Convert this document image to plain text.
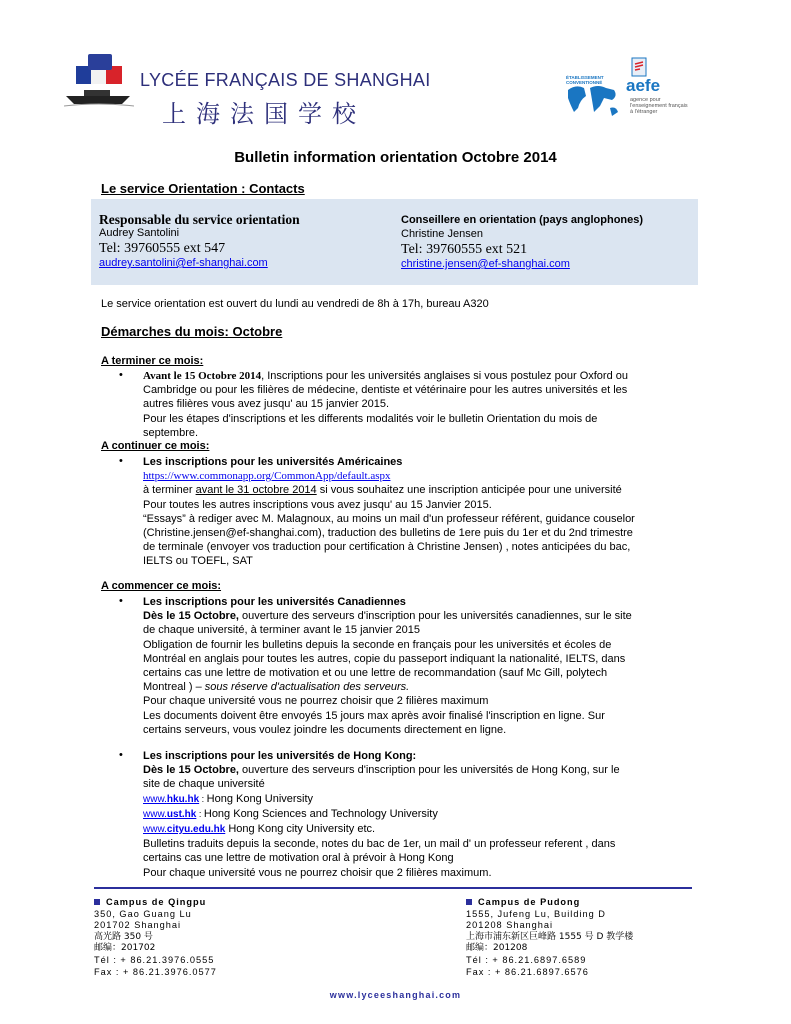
LYCÉE FRANÇAIS DE SHANGHAI
上海法国学校
ÉTABLISSEMENT CONVENTIONNÉ	aefe
agence pour l'enseignement français à l'étranger
Bulletin information orientation Octobre 2014
Le service Orientation : Contacts
Responsable du service orientation
Audrey Santolini
Tel: 39760555 ext 547
audrey.santolini@ef-shanghai.com
Conseillere en orientation (pays anglophones)
Christine Jensen
Tel: 39760555 ext 521
christine.jensen@ef-shanghai.com
Le service orientation est ouvert du lundi au vendredi de 8h à 17h, bureau A320
Démarches du mois: Octobre
A terminer ce mois:
• Avant le 15 Octobre 2014, Inscriptions pour les universités anglaises si vous postulez pour Oxford ou
Cambridge ou pour les filières de médecine, dentiste et vétérinaire pour les autres universités et les
autres filières vous avez jusqu' au 15 janvier 2015.
Pour les étapes d'inscriptions et les differents modalités voir le bulletin Orientation du mois de
septembre.
A continuer ce mois:
• Les inscriptions pour les universités Américaines
https://www.commonapp.org/CommonApp/default.aspx
à terminer avant le 31 octobre 2014 si vous souhaitez une inscription anticipée pour une université
Pour toutes les autres inscriptions vous avez jusqu' au 15 Janvier 2015.
“Essays” à rediger avec M. Malagnoux, au moins un mail d'un professeur référent, guidance couselor
(Christine.jensen@ef-shanghai.com), traduction des bulletins de 1ere puis du 1er et du 2nd trimestre
de terminale (envoyer vos traduction pour certification à Christine Jensen) , notes anticipées du bac,
IELTS ou TOEFL, SAT
A commencer ce mois:
• Les inscriptions pour les universités Canadiennes
Dès le 15 Octobre, ouverture des serveurs d'inscription pour les universités canadiennes, sur le site
de chaque université, à terminer avant le 15 janvier 2015
Obligation de fournir les bulletins depuis la seconde en français pour les universités et écoles de
Montréal en anglais pour toutes les autres, copie du passeport indiquant la nationalité, IELTS, dans
certains cas une lettre de motivation et ou une lettre de recommandation (sauf Mc Gill, polytech
Montreal ) – sous réserve d'actualisation des serveurs.
Pour chaque université vous ne pourrez choisir que 2 filières maximum
Les documents doivent être envoyés 15 jours max après avoir finalisé l'inscription en ligne. Sur
certains serveurs, vous voulez joindre les documents directement en ligne.
• Les inscriptions pour les universités de Hong Kong:
Dès le 15 Octobre, ouverture des serveurs d'inscription pour les universités de Hong Kong, sur le
site de chaque université
www.hku.hk : Hong Kong University
www.ust.hk : Hong Kong Sciences and Technology University
www.cityu.edu.hk Hong Kong city University etc.
Bulletins traduits depuis la seconde, notes du bac de 1er, un mail d' un professeur referent , dans
certains cas une lettre de motivation oral à prévoir à Hong Kong
Pour chaque université vous ne pourrez choisir que 2 filières maximum.
Campus de Qingpu
350, Gao Guang Lu
201702 Shanghai
高光路 350 号
邮编：201702
Tél : + 86.21.3976.0555
Fax : + 86.21.3976.0577
Campus de Pudong
1555, Jufeng Lu, Building D
201208 Shanghai
上海市浦东新区巨峰路 1555 号 D 教学楼
邮编：201208
Tél : + 86.21.6897.6589
Fax : + 86.21.6897.6576
www.lyceeshanghai.com
